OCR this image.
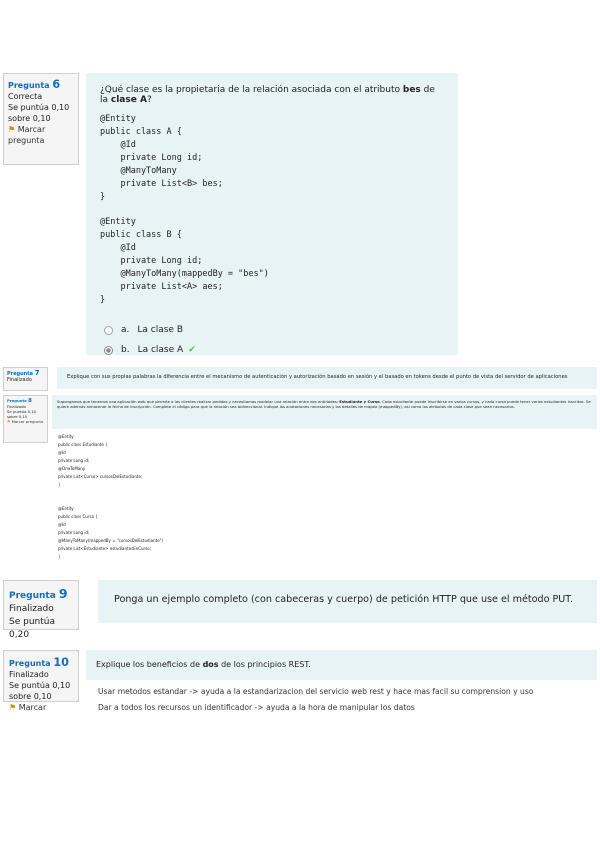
Pregunta 6
Correcta
Se puntúa 0,10
sobre 0,10
⚑ Marcar pregunta
¿Qué clase es la propietaria de la relación asociada con el atributo bes de la clase A?
@Entity
public class A {
@Id
private Long id;
@ManyToMany
private List<B> bes;
}
@Entity
public class B {
@Id
private Long id;
@ManyToMany(mappedBy = "bes")
private List<A> aes;
}
a. La clase B
b. La clase A ✔
Pregunta 7
Finalizado	Explique con sus propias palabras la diferencia entre el mecanismo de autenticación y autorización basado en sesión y el basado en tokens desde el punto de vista del servidor de aplicaciones
Pregunta 8
Finalizado
Se puntúa 0,10
sobre 0,10
⚑ Marcar pregunta
Supongamos que tenemos una aplicación web que permite a los clientes realizar pedidos y necesitamos modelar una relación entre dos entidades: Estudiante y Curso. Cada estudiante puede inscribirse en varios cursos, y cada curso puede tener varios estudiantes inscritos. Se quiere además almacenar la fecha de inscripción. Complete el código para que la relación sea bidireccional. Indique las anotaciones necesarias y los detalles de mapeo (mappedBy), así como los atributos de cada clase que sean necesarios.
@Entity
public class Estudiante {
@Id
private Long id;
@OneToMany
private List<Curso> cursosDelEstudiante;
}
@Entity
public class Curso {
@Id
private Long id;
@ManyToMany(mappedBy = "cursosDelEstudiante")
private List<Estudiante> estudiantesEnCurso;
}
Pregunta 9
Finalizado
Se puntúa 0,20
Ponga un ejemplo completo (con cabeceras y cuerpo) de petición HTTP que use el método PUT.
Pregunta 10
Finalizado
Se puntúa 0,10
sobre 0,10
⚑ Marcar
Explique los beneficios de dos de los principios REST.
Usar metodos estandar -> ayuda a la estandarizacion del servicio web rest y hace mas facil su comprension y uso
Dar a todos los recursos un identificador -> ayuda a la hora de manipular los datos
